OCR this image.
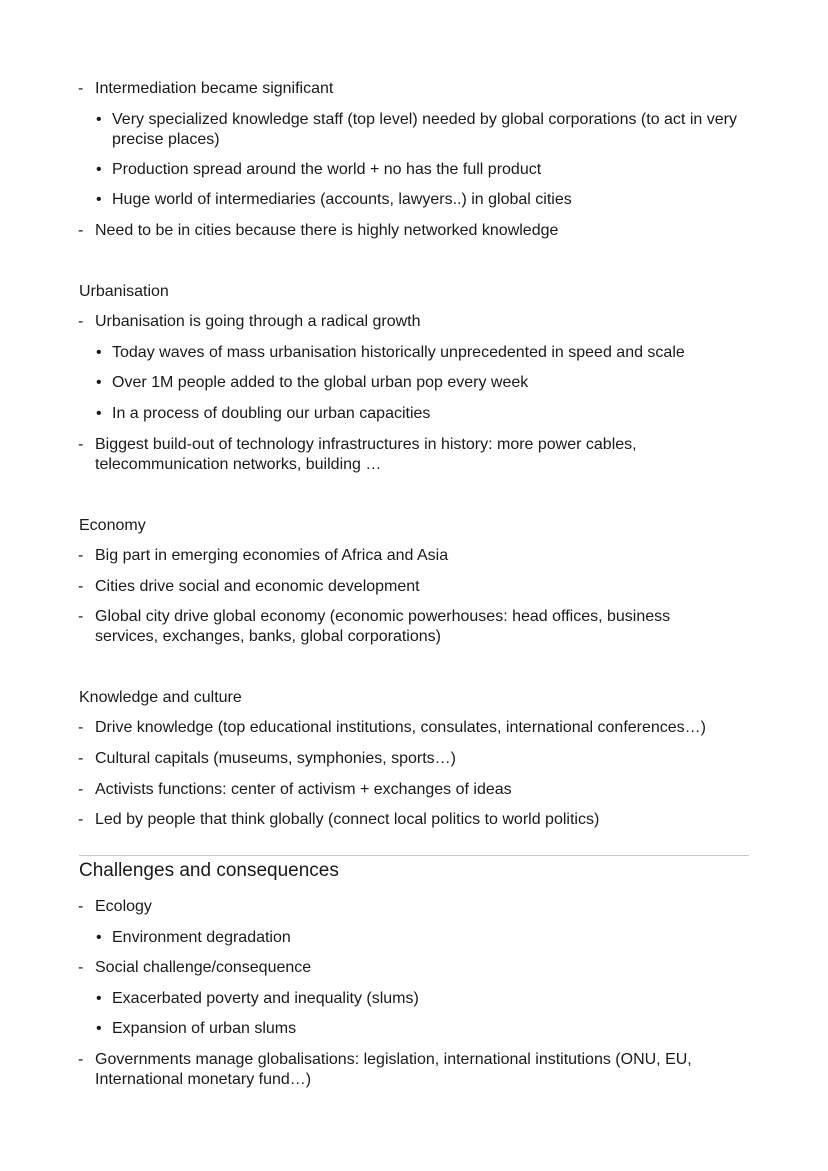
- Intermediation became significant
• Very specialized knowledge staff (top level) needed by global corporations (to act in very precise places)
• Production spread around the world + no has the full product
• Huge world of intermediaries (accounts, lawyers..) in global cities
- Need to be in cities because there is highly networked knowledge
Urbanisation
- Urbanisation is going through a radical growth
• Today waves of mass urbanisation historically unprecedented in speed and scale
• Over 1M people added to the global urban pop every week
• In a process of doubling our urban capacities
- Biggest build-out of technology infrastructures in history: more power cables, telecommunication networks, building …
Economy
- Big part in emerging economies of Africa and Asia
- Cities drive social and economic development
- Global city drive global economy (economic powerhouses: head offices, business services, exchanges, banks, global corporations)
Knowledge and culture
- Drive knowledge (top educational institutions, consulates, international conferences…)
- Cultural capitals (museums, symphonies, sports…)
- Activists functions: center of activism + exchanges of ideas
- Led by people that think globally (connect local politics to world politics)
Challenges and consequences
- Ecology
• Environment degradation
- Social challenge/consequence
• Exacerbated poverty and inequality (slums)
• Expansion of urban slums
- Governments manage globalisations: legislation, international institutions (ONU, EU, International monetary fund…)
